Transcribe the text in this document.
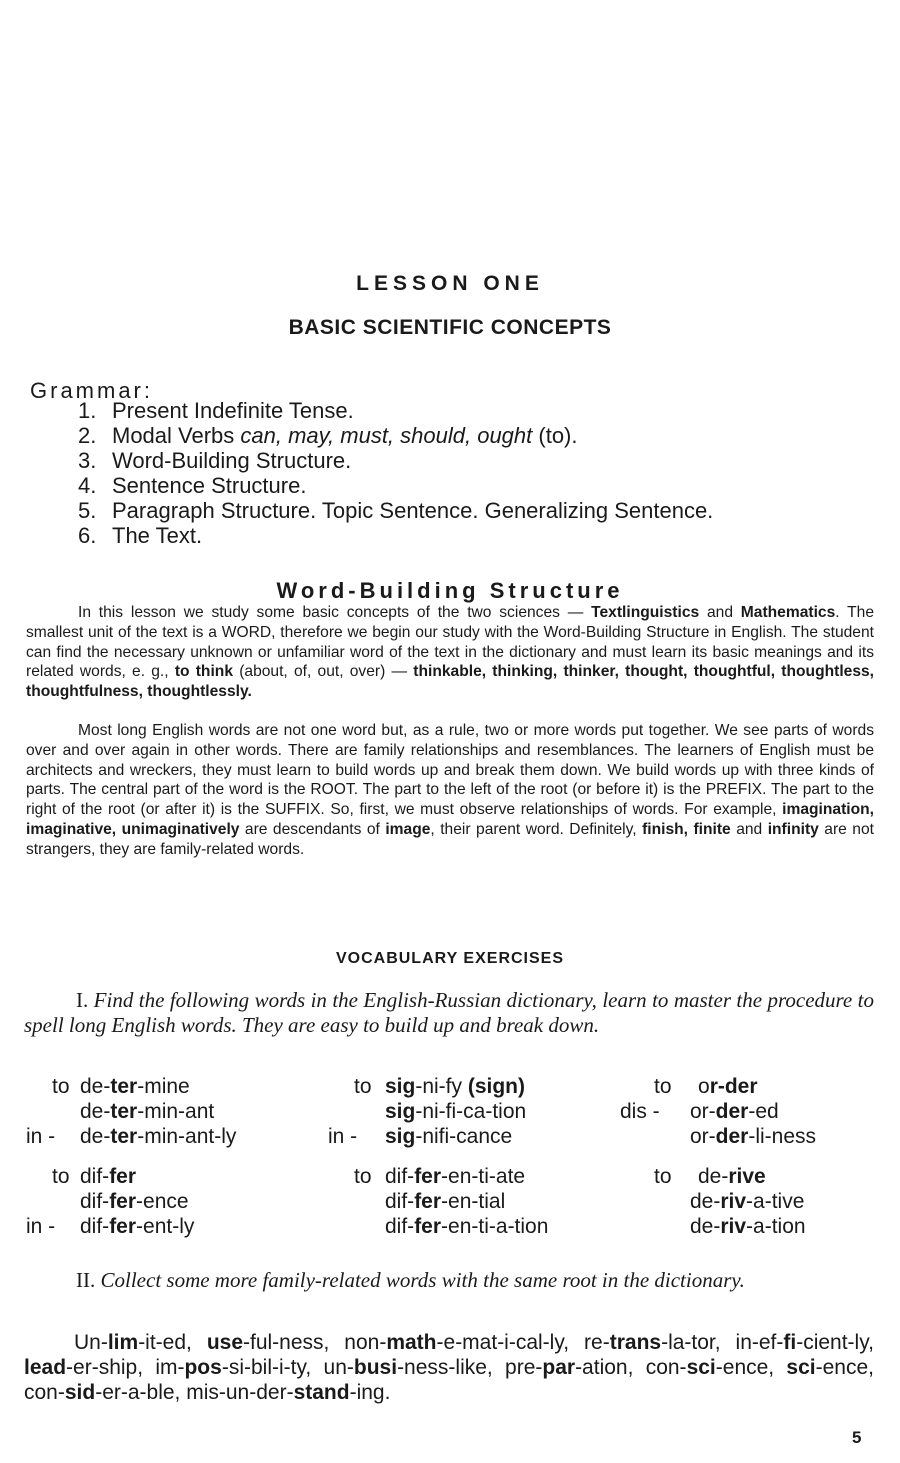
LESSON ONE
BASIC SCIENTIFIC CONCEPTS
Grammar:
1. Present Indefinite Tense.
2. Modal Verbs can, may, must, should, ought (to).
3. Word-Building Structure.
4. Sentence Structure.
5. Paragraph Structure. Topic Sentence. Generalizing Sentence.
6. The Text.
Word-Building Structure
In this lesson we study some basic concepts of the two sciences — Textlinguistics and Mathematics. The smallest unit of the text is a WORD, therefore we begin our study with the Word-Building Structure in English. The student can find the necessary unknown or unfamiliar word of the text in the dictionary and must learn its basic meanings and its related words, e. g., to think (about, of, out, over) — thinkable, thinking, thinker, thought, thoughtful, thoughtless, thoughtfulness, thoughtlessly.
Most long English words are not one word but, as a rule, two or more words put together. We see parts of words over and over again in other words. There are family relationships and resemblances. The learners of English must be architects and wreckers, they must learn to build words up and break them down. We build words up with three kinds of parts. The central part of the word is the ROOT. The part to the left of the root (or before it) is the PREFIX. The part to the right of the root (or after it) is the SUFFIX. So, first, we must observe relationships of words. For example, imagination, imaginative, unimaginatively are descendants of image, their parent word. Definitely, finish, finite and infinity are not strangers, they are family-related words.
VOCABULARY EXERCISES
I. Find the following words in the English-Russian dictionary, learn to master the procedure to spell long English words. They are easy to build up and break down.
to de-ter-mine
de-ter-min-ant
in - de-ter-min-ant-ly
to sig-ni-fy (sign)
sig-ni-fi-ca-tion
in - sig-nifi-cance
to or-der
dis - or-der-ed
or-der-li-ness
to dif-fer
dif-fer-ence
in - dif-fer-ent-ly
to dif-fer-en-ti-ate
dif-fer-en-tial
dif-fer-en-ti-a-tion
to de-rive
de-riv-a-tive
de-riv-a-tion
II. Collect some more family-related words with the same root in the dictionary.
Un-lim-it-ed, use-ful-ness, non-math-e-mat-i-cal-ly, re-trans-la-tor, in-ef-fi-cient-ly, lead-er-ship, im-pos-si-bil-i-ty, un-busi-ness-like, pre-par-ation, con-sci-ence, sci-ence, con-sid-er-a-ble, mis-un-der-stand-ing.
5
